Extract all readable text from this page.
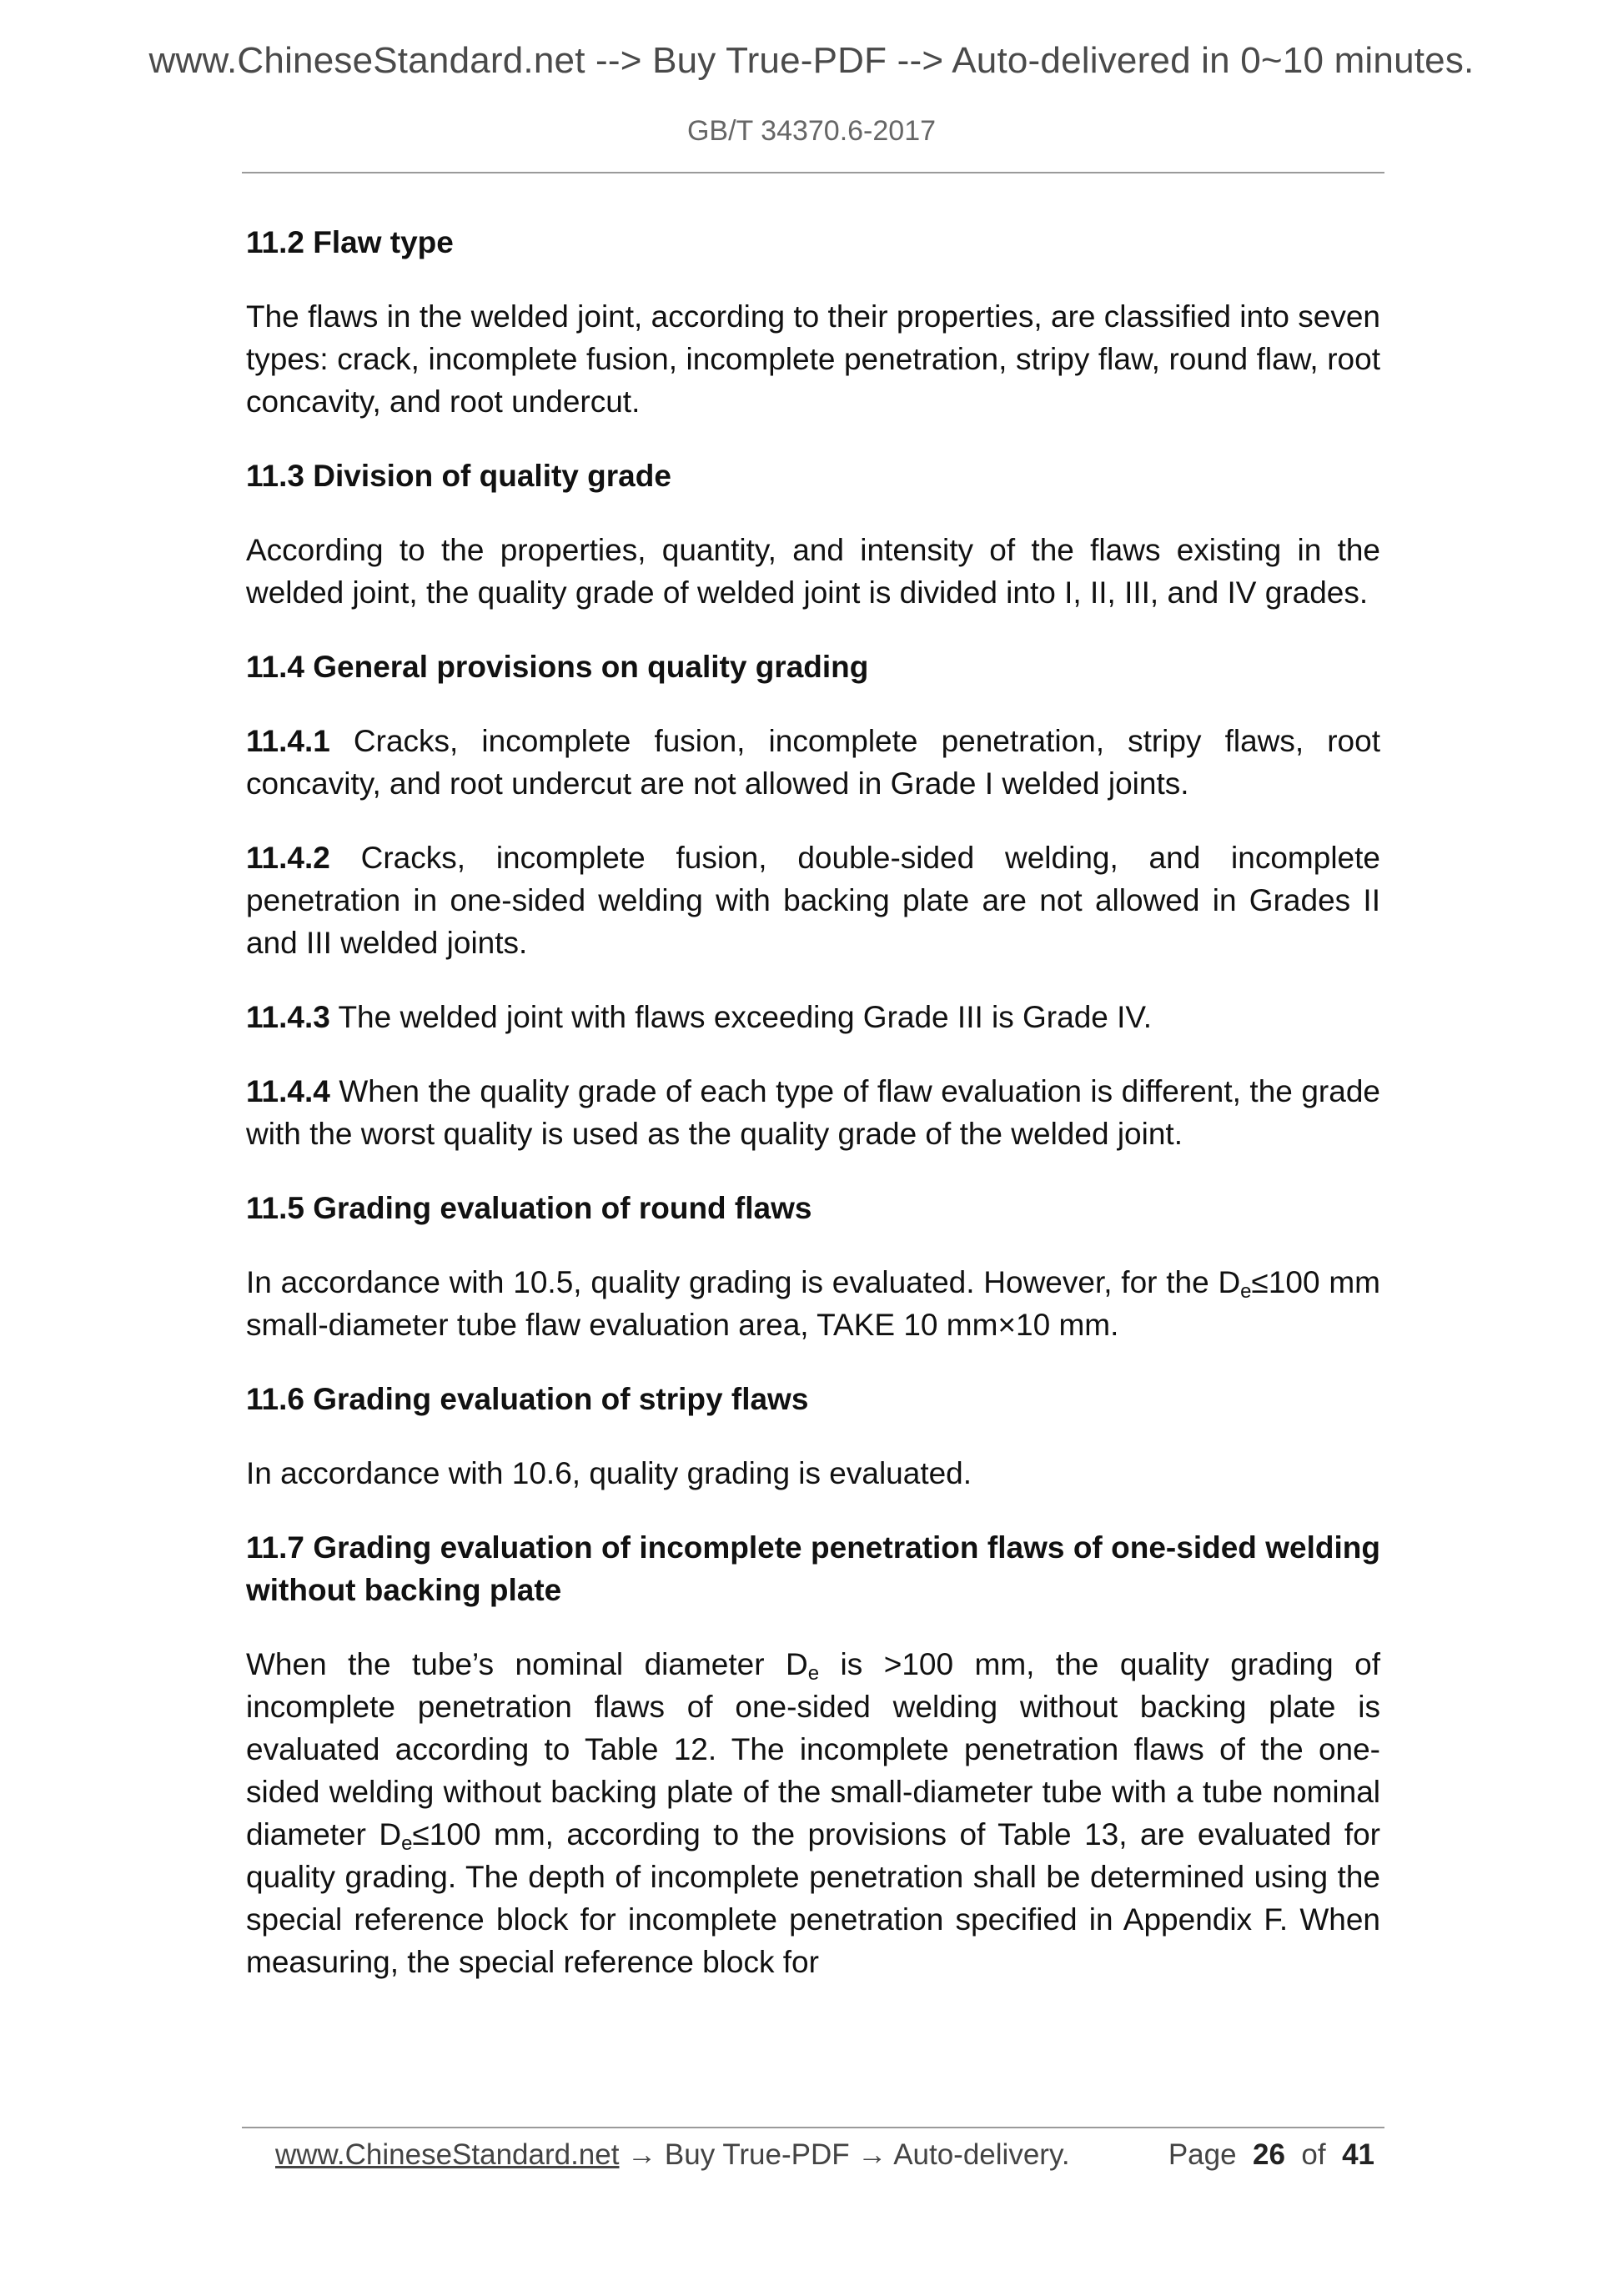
www.ChineseStandard.net --> Buy True-PDF --> Auto-delivered in 0~10 minutes.
GB/T 34370.6-2017
11.2 Flaw type

The flaws in the welded joint, according to their properties, are classified into seven types: crack, incomplete fusion, incomplete penetration, stripy flaw, round flaw, root concavity, and root undercut.

11.3 Division of quality grade

According to the properties, quantity, and intensity of the flaws existing in the welded joint, the quality grade of welded joint is divided into I, II, III, and IV grades.

11.4 General provisions on quality grading

11.4.1 Cracks, incomplete fusion, incomplete penetration, stripy flaws, root concavity, and root undercut are not allowed in Grade I welded joints.

11.4.2 Cracks, incomplete fusion, double-sided welding, and incomplete penetration in one-sided welding with backing plate are not allowed in Grades II and III welded joints.

11.4.3 The welded joint with flaws exceeding Grade III is Grade IV.

11.4.4 When the quality grade of each type of flaw evaluation is different, the grade with the worst quality is used as the quality grade of the welded joint.

11.5 Grading evaluation of round flaws

In accordance with 10.5, quality grading is evaluated. However, for the $D_e\le 100$ mm small-diameter tube flaw evaluation area, TAKE 10 mm×10 mm.

11.6 Grading evaluation of stripy flaws

In accordance with 10.6, quality grading is evaluated.

11.7 Grading evaluation of incomplete penetration flaws of one-sided welding without backing plate

When the tube’s nominal diameter $D_e$ is >100 mm, the quality grading of incomplete penetration flaws of one-sided welding without backing plate is evaluated according to Table 12. The incomplete penetration flaws of the one-sided welding without backing plate of the small-diameter tube with a tube nominal diameter $D_e\le 100$ mm, according to the provisions of Table 13, are evaluated for quality grading. The depth of incomplete penetration shall be determined using the special reference block for incomplete penetration specified in Appendix F. When measuring, the special reference block for

www.ChineseStandard.net → Buy True-PDF → Auto-delivery.	Page 26 of 41
